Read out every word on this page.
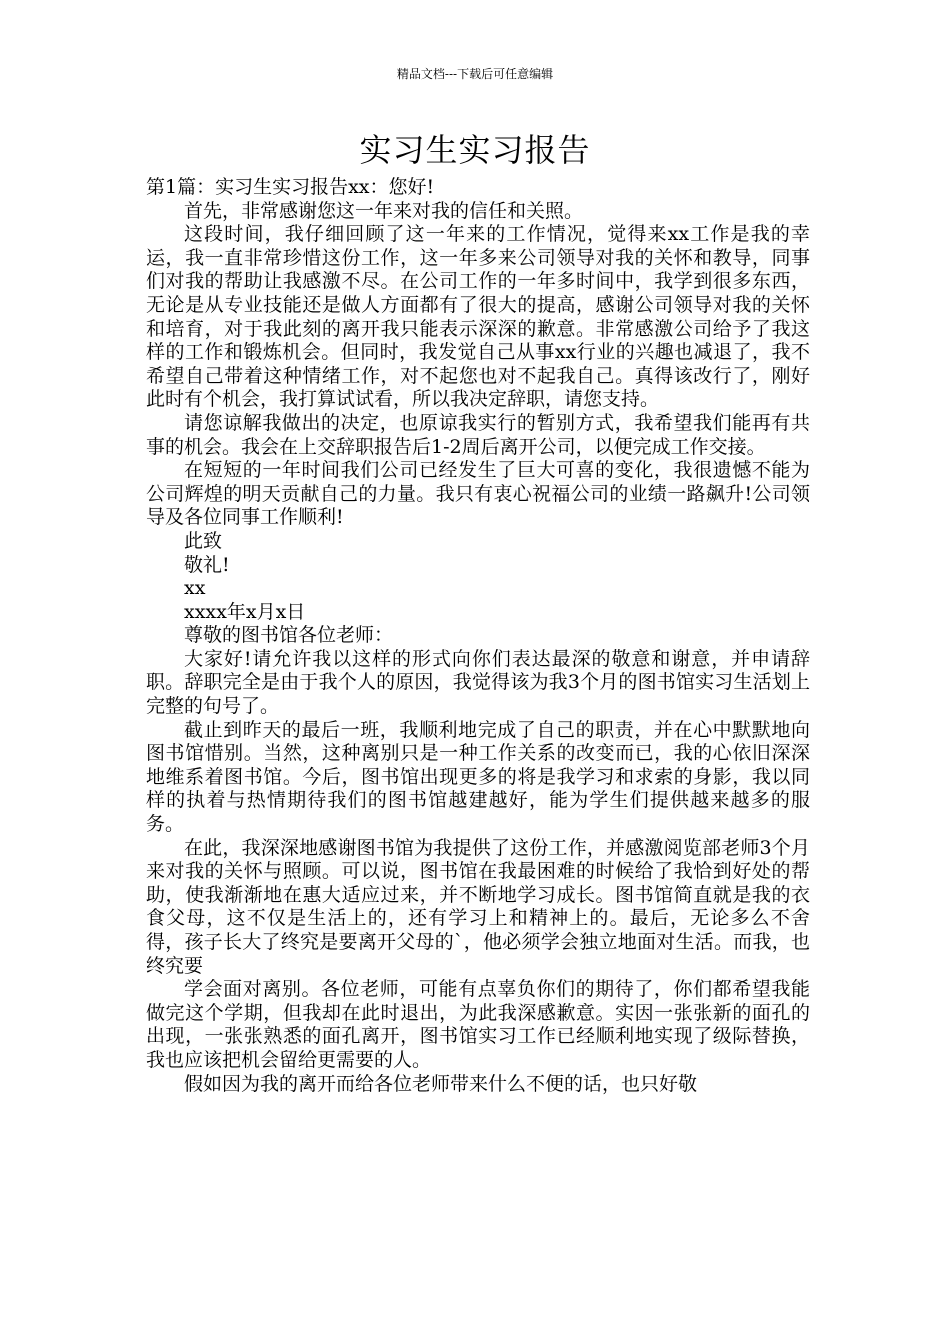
精品文档---下载后可任意编辑
实习生实习报告

第1篇：实习生实习报告xx：您好!

首先，非常感谢您这一年来对我的信任和关照。

这段时间，我仔细回顾了这一年来的工作情况，觉得来xx工作是我的幸运，我一直非常珍惜这份工作，这一年多来公司领导对我的关怀和教导，同事们对我的帮助让我感激不尽。在公司工作的一年多时间中，我学到很多东西，无论是从专业技能还是做人方面都有了很大的提高，感谢公司领导对我的关怀和培育，对于我此刻的离开我只能表示深深的歉意。非常感激公司给予了我这样的工作和锻炼机会。但同时，我发觉自己从事xx行业的兴趣也减退了，我不希望自己带着这种情绪工作，对不起您也对不起我自己。真得该改行了，刚好此时有个机会，我打算试试看，所以我决定辞职，请您支持。

请您谅解我做出的决定，也原谅我实行的暂别方式，我希望我们能再有共事的机会。我会在上交辞职报告后1-2周后离开公司，以便完成工作交接。

在短短的一年时间我们公司已经发生了巨大可喜的变化，我很遗憾不能为公司辉煌的明天贡献自己的力量。我只有衷心祝福公司的业绩一路飙升!公司领导及各位同事工作顺利!

此致

敬礼!

xx

xxxx年x月x日

尊敬的图书馆各位老师：

大家好!请允许我以这样的形式向你们表达最深的敬意和谢意，并申请辞职。辞职完全是由于我个人的原因，我觉得该为我3个月的图书馆实习生活划上完整的句号了。

截止到昨天的最后一班，我顺利地完成了自己的职责，并在心中默默地向图书馆惜别。当然，这种离别只是一种工作关系的改变而已，我的心依旧深深地维系着图书馆。今后，图书馆出现更多的将是我学习和求索的身影，我以同样的执着与热情期待我们的图书馆越建越好，能为学生们提供越来越多的服务。

在此，我深深地感谢图书馆为我提供了这份工作，并感激阅览部老师3个月来对我的关怀与照顾。可以说，图书馆在我最困难的时候给了我恰到好处的帮助，使我渐渐地在惠大适应过来，并不断地学习成长。图书馆简直就是我的衣食父母，这不仅是生活上的，还有学习上和精神上的。最后，无论多么不舍得，孩子长大了终究是要离开父母的`，他必须学会独立地面对生活。而我，也终究要

学会面对离别。各位老师，可能有点辜负你们的期待了，你们都希望我能做完这个学期，但我却在此时退出，为此我深感歉意。实因一张张新的面孔的出现，一张张熟悉的面孔离开，图书馆实习工作已经顺利地实现了级际替换，我也应该把机会留给更需要的人。

假如因为我的离开而给各位老师带来什么不便的话，也只好敬
